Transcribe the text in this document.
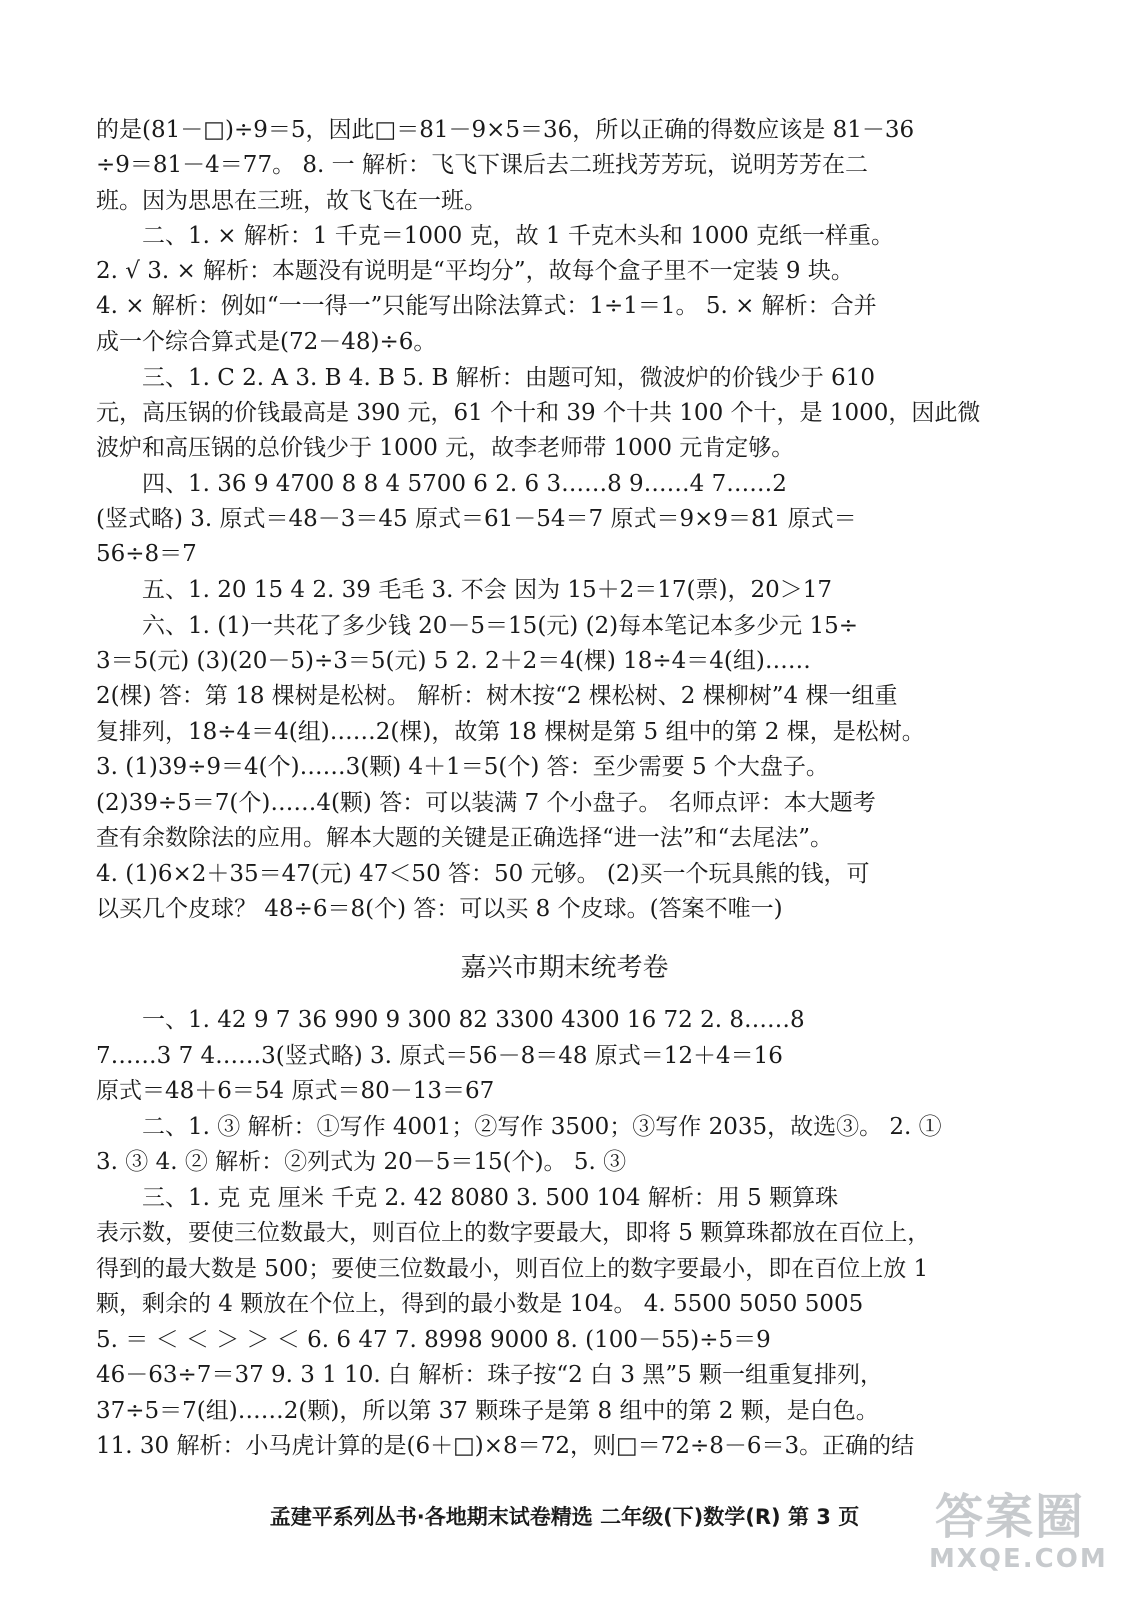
的是(81－□)÷9＝5，因此□＝81－9×5＝36，所以正确的得数应该是 81－36
÷9＝81－4＝77。 8. 一 解析：飞飞下课后去二班找芳芳玩，说明芳芳在二
班。因为思思在三班，故飞飞在一班。
二、1. × 解析：1 千克＝1000 克，故 1 千克木头和 1000 克纸一样重。
2. √ 3. × 解析：本题没有说明是“平均分”，故每个盒子里不一定装 9 块。
4. × 解析：例如“一一得一”只能写出除法算式：1÷1＝1。 5. × 解析：合并
成一个综合算式是(72－48)÷6。
三、1. C 2. A 3. B 4. B 5. B 解析：由题可知，微波炉的价钱少于 610
元，高压锅的价钱最高是 390 元，61 个十和 39 个十共 100 个十，是 1000，因此微
波炉和高压锅的总价钱少于 1000 元，故李老师带 1000 元肯定够。
四、1. 36 9 4700 8 8 4 5700 6 2. 6 3……8 9……4 7……2
(竖式略) 3. 原式＝48－3＝45 原式＝61－54＝7 原式＝9×9＝81 原式＝
56÷8＝7
五、1. 20 15 4 2. 39 毛毛 3. 不会 因为 15＋2＝17(票)，20＞17
六、1. (1)一共花了多少钱 20－5＝15(元) (2)每本笔记本多少元 15÷
3＝5(元) (3)(20－5)÷3＝5(元) 5 2. 2＋2＝4(棵) 18÷4＝4(组)……
2(棵) 答：第 18 棵树是松树。 解析：树木按“2 棵松树、2 棵柳树”4 棵一组重
复排列，18÷4＝4(组)……2(棵)，故第 18 棵树是第 5 组中的第 2 棵，是松树。
3. (1)39÷9＝4(个)……3(颗) 4＋1＝5(个) 答：至少需要 5 个大盘子。
(2)39÷5＝7(个)……4(颗) 答：可以装满 7 个小盘子。 名师点评：本大题考
查有余数除法的应用。解本大题的关键是正确选择“进一法”和“去尾法”。
4. (1)6×2＋35＝47(元) 47＜50 答：50 元够。 (2)买一个玩具熊的钱，可
以买几个皮球？ 48÷6＝8(个) 答：可以买 8 个皮球。(答案不唯一)
嘉兴市期末统考卷
一、1. 42 9 7 36 990 9 300 82 3300 4300 16 72 2. 8……8
7……3 7 4……3(竖式略) 3. 原式＝56－8＝48 原式＝12＋4＝16
原式＝48＋6＝54 原式＝80－13＝67
二、1. ③ 解析：①写作 4001；②写作 3500；③写作 2035，故选③。 2. ①
3. ③ 4. ② 解析：②列式为 20－5＝15(个)。 5. ③
三、1. 克 克 厘米 千克 2. 42 8080 3. 500 104 解析：用 5 颗算珠
表示数，要使三位数最大，则百位上的数字要最大，即将 5 颗算珠都放在百位上，
得到的最大数是 500；要使三位数最小，则百位上的数字要最小，即在百位上放 1
颗，剩余的 4 颗放在个位上，得到的最小数是 104。 4. 5500 5050 5005
5. ＝ ＜ ＜ ＞ ＞ ＜ 6. 6 47 7. 8998 9000 8. (100－55)÷5＝9
46－63÷7＝37 9. 3 1 10. 白 解析：珠子按“2 白 3 黑”5 颗一组重复排列，
37÷5＝7(组)……2(颗)，所以第 37 颗珠子是第 8 组中的第 2 颗，是白色。
11. 30 解析：小马虎计算的是(6＋□)×8＝72，则□＝72÷8－6＝3。正确的结
孟建平系列丛书·各地期末试卷精选 二年级(下)数学(R) 第 3 页	答案圈
MXQE.COM
